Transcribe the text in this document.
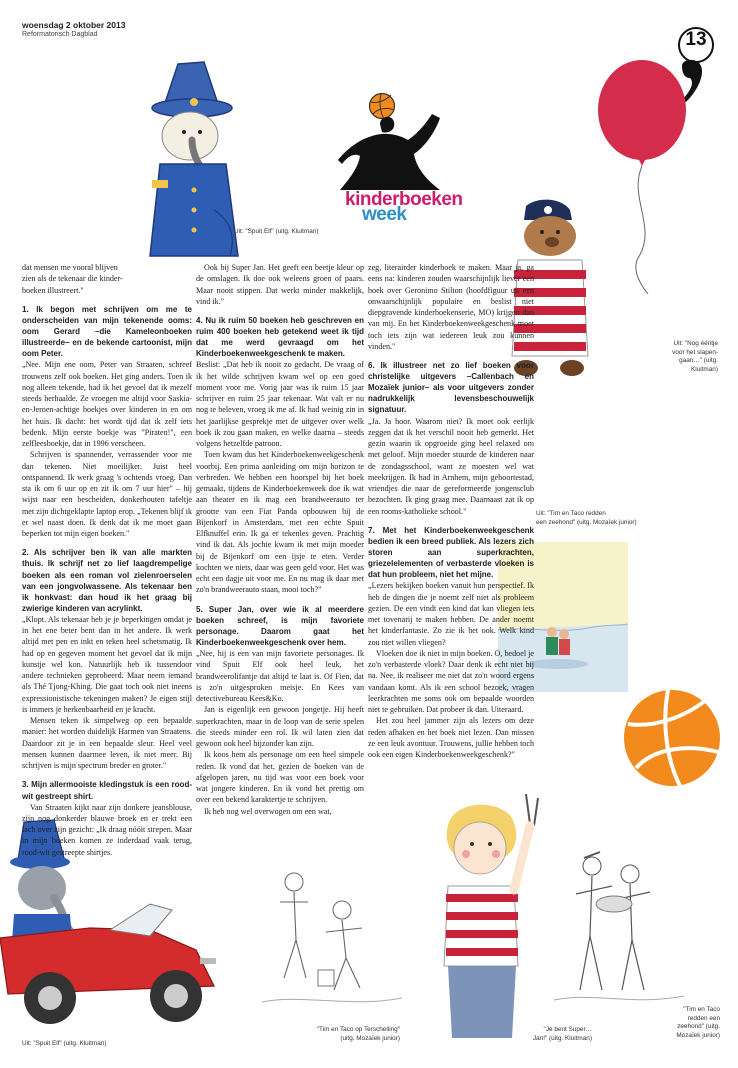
woensdag 2 oktober 2013
Reformatorisch Dagblad	13
kinderboeken
week
Uit: "Spuit Elf" (uitg. Kluitman)
Uit: "Nog ééntje
voor het slapen-
gaan…" (uitg.
Kluitman)
Uit: "Tim en Taco redden
een zeehond" (uitg. Mozaïek junior)
Uit: "Spuit Elf" (uitg. Kluitman)
"Tim en Taco op Terschelling"
(uitg. Mozaïek junior)
"Je bent Super…
Jan!" (uitg. Kluitman)
"Tim en Taco
redden een
zeehond" (uitg.
Mozaïek junior)

dat mensen me vooral blijven

zien als de tekenaar die kinder-

boeken illustreert."

1. Ik begon met schrijven om me te onderscheiden van mijn tekenende ooms: oom Gerard –die Kameleonboeken illustreerde– en de bekende cartoonist, mijn oom Peter.

„Nee. Mijn ene oom, Peter van Straaten, schreef trouwens zelf ook boeken. Het ging anders. Toen ik nog alleen tekende, had ik het gevoel dat ik mezelf steeds herhaalde. Ze vroegen me altijd voor Saskia-en-Jeroen-achtige boekjes over kinderen in en om het huis. Ik dacht: het wordt tijd dat ik zelf iets bedenk. Mijn eerste boekje was "Piraten!", een zelfleesboekje, dat in 1996 verscheen.

Schrijven is spannender, verrassender voor me dan tekenen. Niet moeilijker. Juist heel ontspannend. Ik werk graag 's ochtends vroeg. Dan sta ik om 6 uur op en zit ik om 7 uur hier" – hij wijst naar een bescheiden, donkerhouten tafeltje met zijn dichtgeklapte laptop erop. „Tekenen blijf ik er wel naast doen. Ik denk dat ik me moet gaan beperken tot mijn eigen boeken."

2. Als schrijver ben ik van alle markten thuis. Ik schrijf net zo lief laagdrempelige boeken als een roman vol zielenroerselen van een jongvolwassene. Als tekenaar ben ik honkvast: dan houd ik het graag bij zwierige kinderen van acrylinkt.

„Klopt. Als tekenaar heb je je beperkingen omdat je in het ene beter bent dan in het andere. Ik werk altijd met pen en inkt en teken heel schetsmatig. Ik had op en gegeven moment het gevoel dat ik mijn kunstje wel kon. Natuurlijk heb ik tussendoor andere technieken geprobeerd. Maar neem iemand als Thé Tjong-Khing. Die gaat toch ook niet ineens expressionistische tekeningen maken? Je eigen stijl is immers je herkenbaarheid en je kracht.

Mensen teken ik simpelweg op een bepaalde manier: het worden duidelijk Harmen van Straatens. Daardoor zit je in een bepaalde sleur. Heel veel mensen kunnen daarmee leven, ik niet meer. Bij schrijven is mijn spectrum breder en groter."

3. Mijn allermooiste kledingstuk is een rood-wit gestreept shirt.

Van Straaten kijkt naar zijn donkere jeansblouse, zijn nog donkerder blauwe broek en er trekt een lach over zijn gezicht: „Ik draag nóóit strepen. Maar in mijn boeken komen ze inderdaad vaak terug, rood-wit gestreepte shirtjes.

Ook bij Super Jan. Het geeft een beetje kleur op de omslagen. Ik doe ook weleens groen of paars. Maar nooit stippen. Dat werkt minder makkelijk, vind ik."

4. Nu ik ruim 50 boeken heb geschreven en ruim 400 boeken heb getekend weet ik tijd dat me werd gevraagd om het Kinderboekenweekgeschenk te maken.

Beslist: „Dat heb ik nooit zo gedacht. De vraag of ik het wilde schrijven kwam wel op een goed moment voor me. Vorig jaar was ik ruim 15 jaar schrijver en ruim 25 jaar tekenaar. Wat valt er nu nog te beleven, vroeg ik me af. Ik had weinig zin in het jaarlijkse gesprekje met de uitgever over welk boek ik zou gaan maken, en welke daarna – steeds volgens hetzelfde patroon.

Toen kwam dus het Kinderboekenweekgeschenk voorbij. Een prima aanleiding om mijn horizon te verbreden. We hebben een hoorspel bij het boek gemaakt, tijdens de Kinderboekenweek doe ik wat aan theater en ik mag een brandweerauto ter grootte van een Fiat Panda opbouwen bij de Bijenkorf in Amsterdam, met een echte Spuit Elfknuffel erin. Ik ga er tekenles geven. Prachtig vind ik dat. Als jochie kwam ik met mijn moeder bij de Bijenkorf om een ijsje te eten. Verder kochten we niets, daar was geen geld voor. Het was echt een dagje uit voor me. En nu mag ik daar met zo'n brandweerauto staan, mooi toch?"

5. Super Jan, over wie ik al meerdere boeken schreef, is mijn favoriete personage. Daarom gaat het Kinderboekenweekgeschenk over hem.

„Nee, hij is een van mijn favoriete personages. Ik vind Spuit Elf ook heel leuk, het brandweerolifantje dat altijd te laat is. Of Fien, dat is zo'n uitgesproken meisje. En Kees van detectivebureau Kees&Ko.

Jan is eigenlijk een gewoon jongetje. Hij heeft superkrachten, maar in de loop van de serie spelen die steeds minder een rol. Ik wil laten zien dat gewoon ook heel bijzonder kan zijn.

Ik koos hem als personage om een heel simpele reden. Ik vond dat het, gezien de boeken van de afgelopen jaren, nu tijd was voor een boek voor wat jongere kinderen. En ik vond het prettig om over een bekend karaktertje te schrijven.

Ik heb nog wel overwogen om een wat,

zeg, literairder kinderboek te maken. Maar ja, ga eens na: kinderen zouden waarschijnlijk liever een boek over Geronimo Stilton (hoofdfiguur uit een onwaarschijnlijk populaire en beslist niet diepgravende kinderboekenserie, MO) krijgen dan van mij. En het Kinderboekenweekgeschenk moet toch iets zijn wat iedereen leuk zou kunnen vinden."

6. Ik illustreer net zo lief boeken voor christelijke uitgevers –Callenbach en Mozaïek junior– als voor uitgevers zonder nadrukkelijk levensbeschouwelijk signatuur.

„Ja. Ja hoor. Waarom niet? Ik moet ook eerlijk zeggen dat ik het verschil nooit heb gemerkt. Het gezin waarin ik opgroeide ging heel relaxed om met geloof. Mijn moeder stuurde de kinderen naar de zondagsschool, want ze moesten wel wat meekrijgen. Ik had in Arnhem, mijn geboortestad, vriendjes die naar de gereformeerde jongensclub bezochten. Ik ging graag mee. Daarnaast zat ik op een rooms-katholieke school."

7. Met het Kinderboekenweekgeschenk bedien ik een breed publiek. Als lezers zich storen aan superkrachten, griezelelementen of verbasterde vloeken is dat hun probleem, niet het mijne.

„Lezers bekijken boeken vanuit hun perspectief. Ik heb de dingen die je noemt zelf niet als probleem gezien. De een vindt een kind dat kan vliegen iets met tovenarij te maken hebben. De ander noemt het kinderfantasie. Zo zie ik het ook. Welk kind zou niet willen vliegen?

Vloeken doe ik niet in mijn boeken. O, bedoel je zo'n verbasterde vloek? Daar denk ik echt niet bij na. Nee, ik realiseer me niet dat zo'n woord ergens vandaan komt. Als ik een school bezoek, vragen leerkrachten me soms ook om bepaalde woorden niet te gebruiken. Dat probeer ik dan. Uiteraard.

Het zou heel jammer zijn als lezers om deze reden afhaken en het boek niet lezen. Dan missen ze een leuk avontuur. Trouwens, jullie hebben toch ook een eigen Kinderboekenweekgeschenk?"
